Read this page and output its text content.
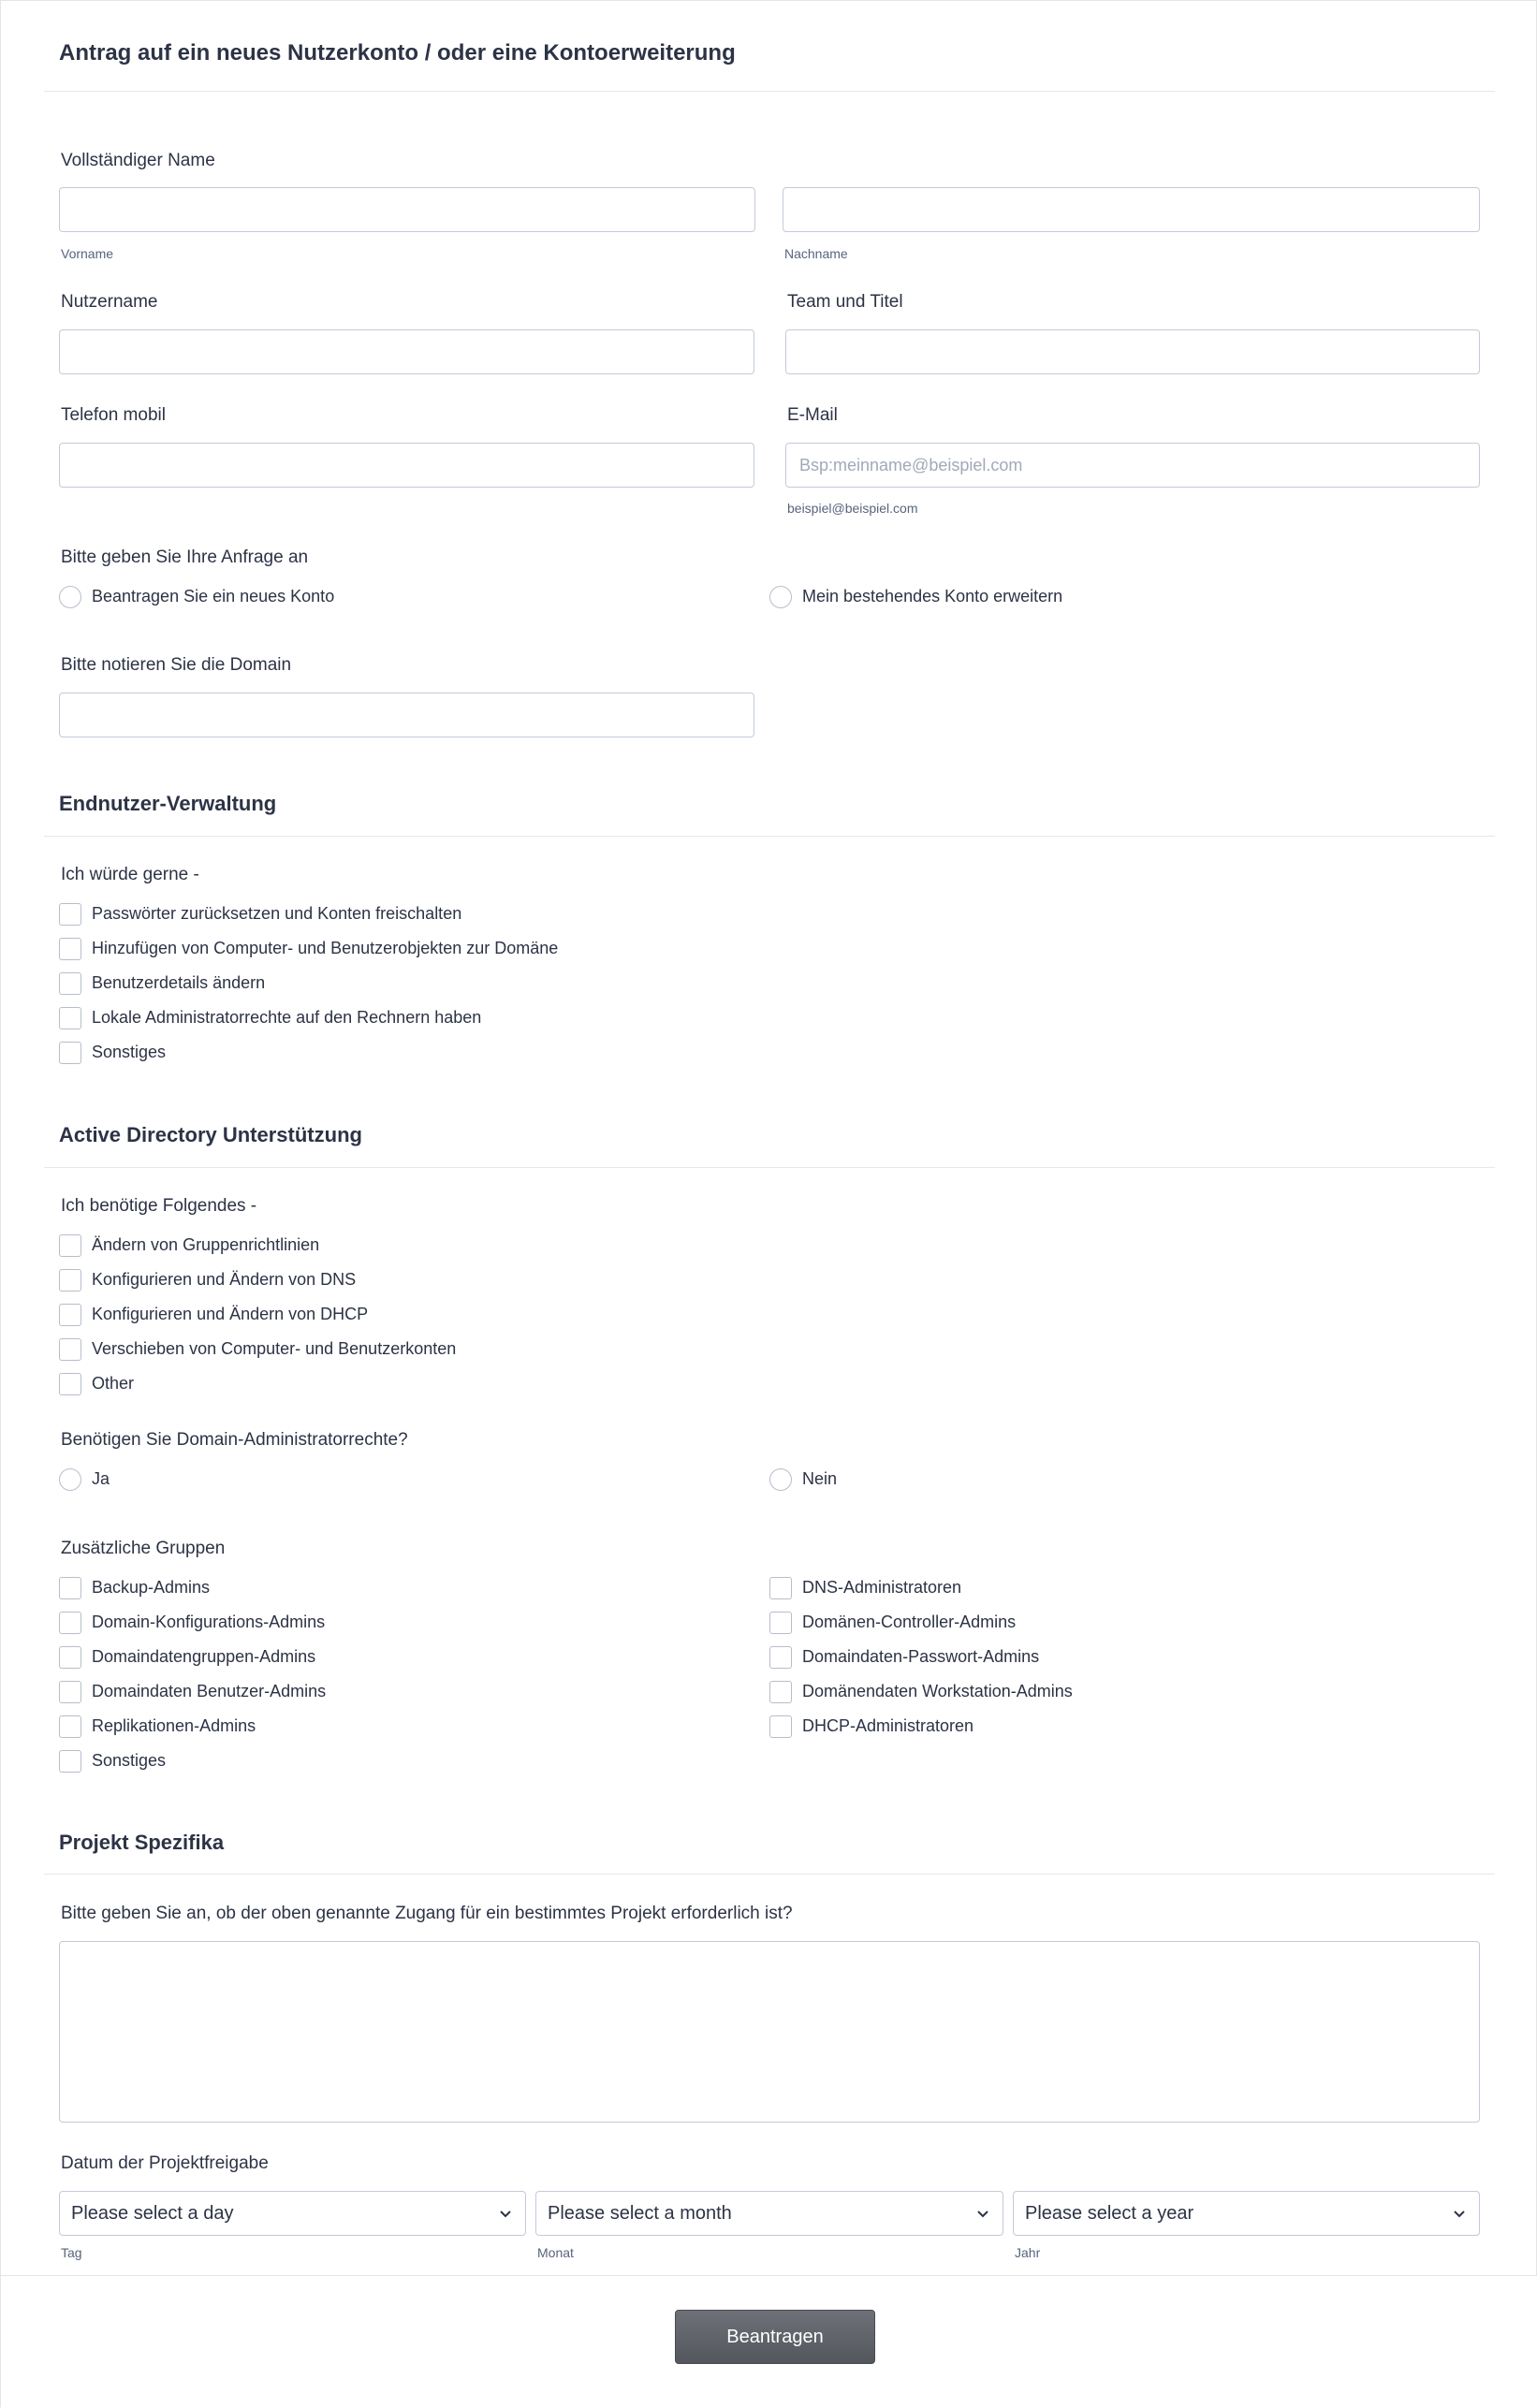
Antrag auf ein neues Nutzerkonto / oder eine Kontoerweiterung
Vollständiger Name
Vorname	Nachname
Nutzername	Team und Titel
Telefon mobil	E-Mail
Bsp:meinname@beispiel.com
beispiel@beispiel.com
Bitte geben Sie Ihre Anfrage an
Beantragen Sie ein neues Konto	Mein bestehendes Konto erweitern
Bitte notieren Sie die Domain
Endnutzer-Verwaltung
Ich würde gerne -
Passwörter zurücksetzen und Konten freischalten
Hinzufügen von Computer- und Benutzerobjekten zur Domäne
Benutzerdetails ändern
Lokale Administratorrechte auf den Rechnern haben
Sonstiges
Active Directory Unterstützung
Ich benötige Folgendes -
Ändern von Gruppenrichtlinien
Konfigurieren und Ändern von DNS
Konfigurieren und Ändern von DHCP
Verschieben von Computer- und Benutzerkonten
Other
Benötigen Sie Domain-Administratorrechte?
Ja	Nein
Zusätzliche Gruppen
Backup-Admins
Domain-Konfigurations-Admins
Domaindatengruppen-Admins
Domaindaten Benutzer-Admins
Replikationen-Admins
Sonstiges
DNS-Administratoren
Domänen-Controller-Admins
Domaindaten-Passwort-Admins
Domänendaten Workstation-Admins
DHCP-Administratoren
Projekt Spezifika
Bitte geben Sie an, ob der oben genannte Zugang für ein bestimmtes Projekt erforderlich ist?
Datum der Projektfreigabe
Please select a day	Please select a month	Please select a year
Tag	Monat	Jahr
Beantragen
